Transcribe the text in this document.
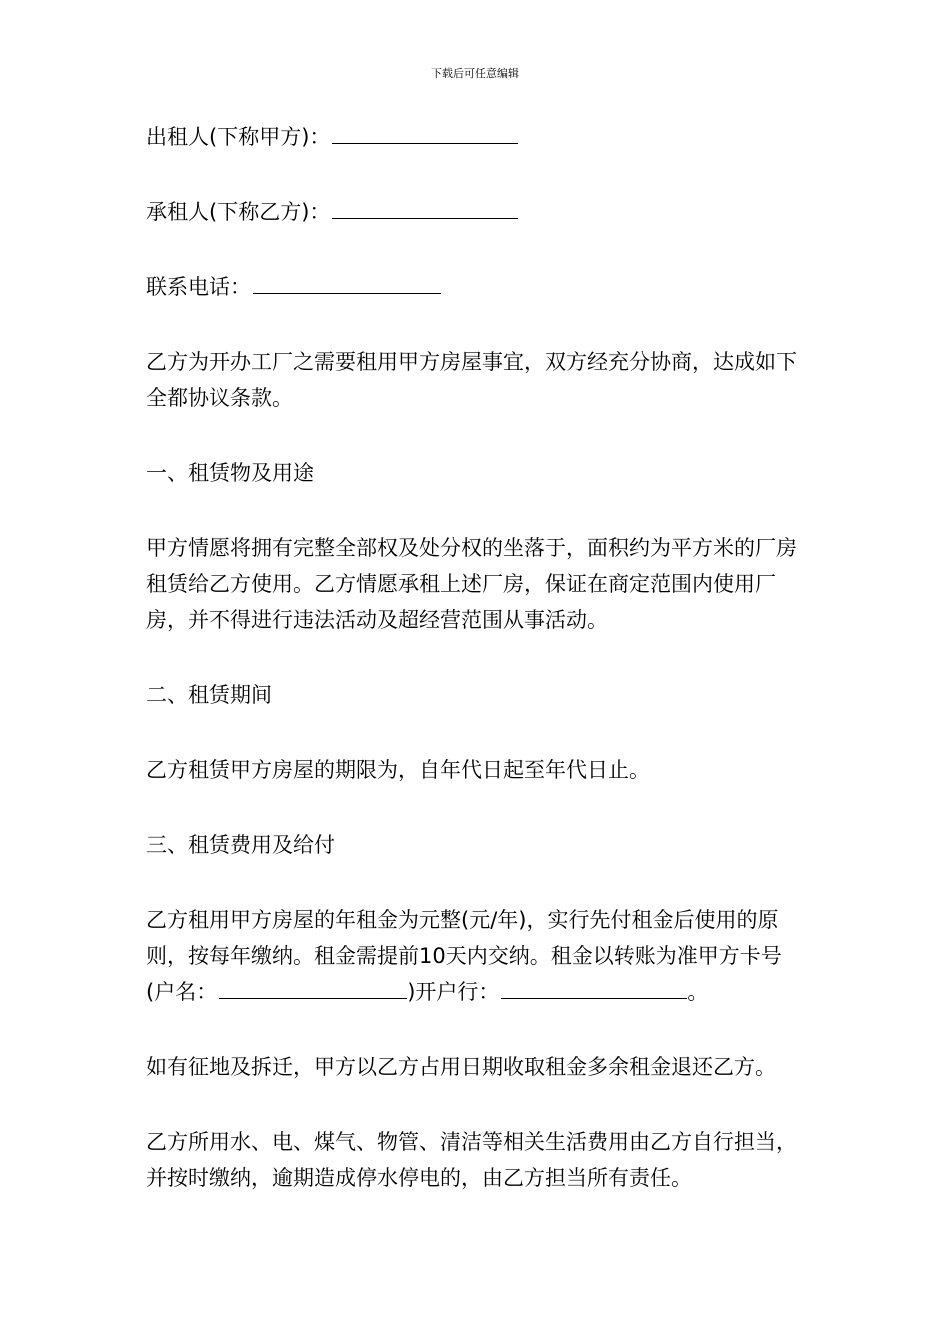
下载后可任意编辑

出租人(下称甲方)：

承租人(下称乙方)：

联系电话：

乙方为开办工厂之需要租用甲方房屋事宜，双方经充分协商，达成如下全都协议条款。

一、租赁物及用途

甲方情愿将拥有完整全部权及处分权的坐落于，面积约为平方米的厂房租赁给乙方使用。乙方情愿承租上述厂房，保证在商定范围内使用厂房，并不得进行违法活动及超经营范围从事活动。

二、租赁期间

乙方租赁甲方房屋的期限为，自年代日起至年代日止。

三、租赁费用及给付

乙方租用甲方房屋的年租金为元整(元/年)，实行先付租金后使用的原则，按每年缴纳。租金需提前10天内交纳。租金以转账为准甲方卡号(户名：	)开户行：	。

如有征地及拆迁，甲方以乙方占用日期收取租金多余租金退还乙方。

乙方所用水、电、煤气、物管、清洁等相关生活费用由乙方自行担当，并按时缴纳，逾期造成停水停电的，由乙方担当所有责任。
